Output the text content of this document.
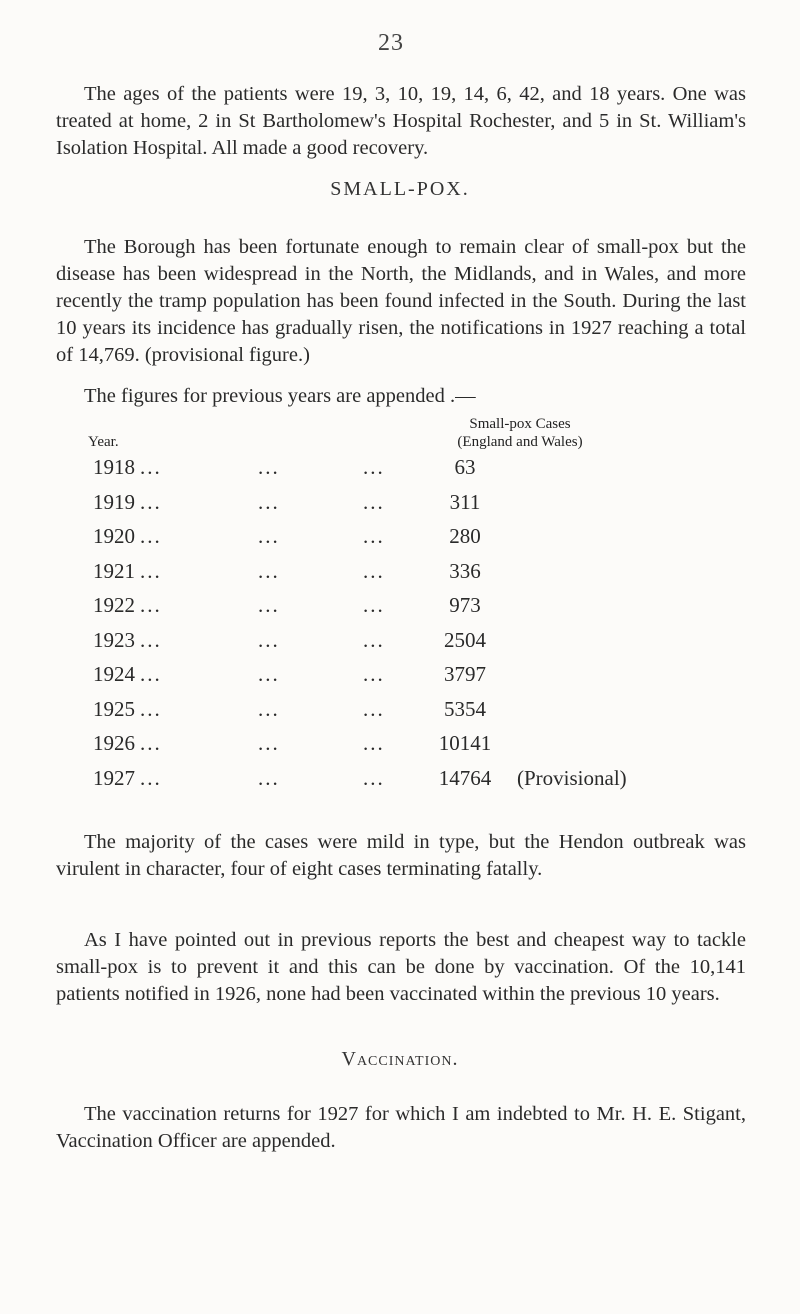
23

The ages of the patients were 19, 3, 10, 19, 14, 6, 42, and 18 years. One was treated at home, 2 in St Bartholomew's Hospital Rochester, and 5 in St. William's Isolation Hospital. All made a good recovery.

SMALL-POX.

The Borough has been fortunate enough to remain clear of small-pox but the disease has been widespread in the North, the Midlands, and in Wales, and more recently the tramp population has been found infected in the South. During the last 10 years its incidence has gradually risen, the notifications in 1927 reaching a total of 14,769. (provisional figure.)

The figures for previous years are appended .—

Year.
Small-pox Cases
(England and Wales)
1918 ...	...	...	63
1919 ...	...	...	311
1920 ...	...	...	280
1921 ...	...	...	336
1922 ...	...	...	973
1923 ...	...	...	2504
1924 ...	...	...	3797
1925 ...	...	...	5354
1926 ...	...	...	10141
1927 ...	...	...	14764	(Provisional)

The majority of the cases were mild in type, but the Hendon outbreak was virulent in character, four of eight cases terminating fatally.

As I have pointed out in previous reports the best and cheapest way to tackle small-pox is to prevent it and this can be done by vaccination. Of the 10,141 patients notified in 1926, none had been vaccinated within the previous 10 years.

Vaccination.

The vaccination returns for 1927 for which I am indebted to Mr. H. E. Stigant, Vaccination Officer are appended.
